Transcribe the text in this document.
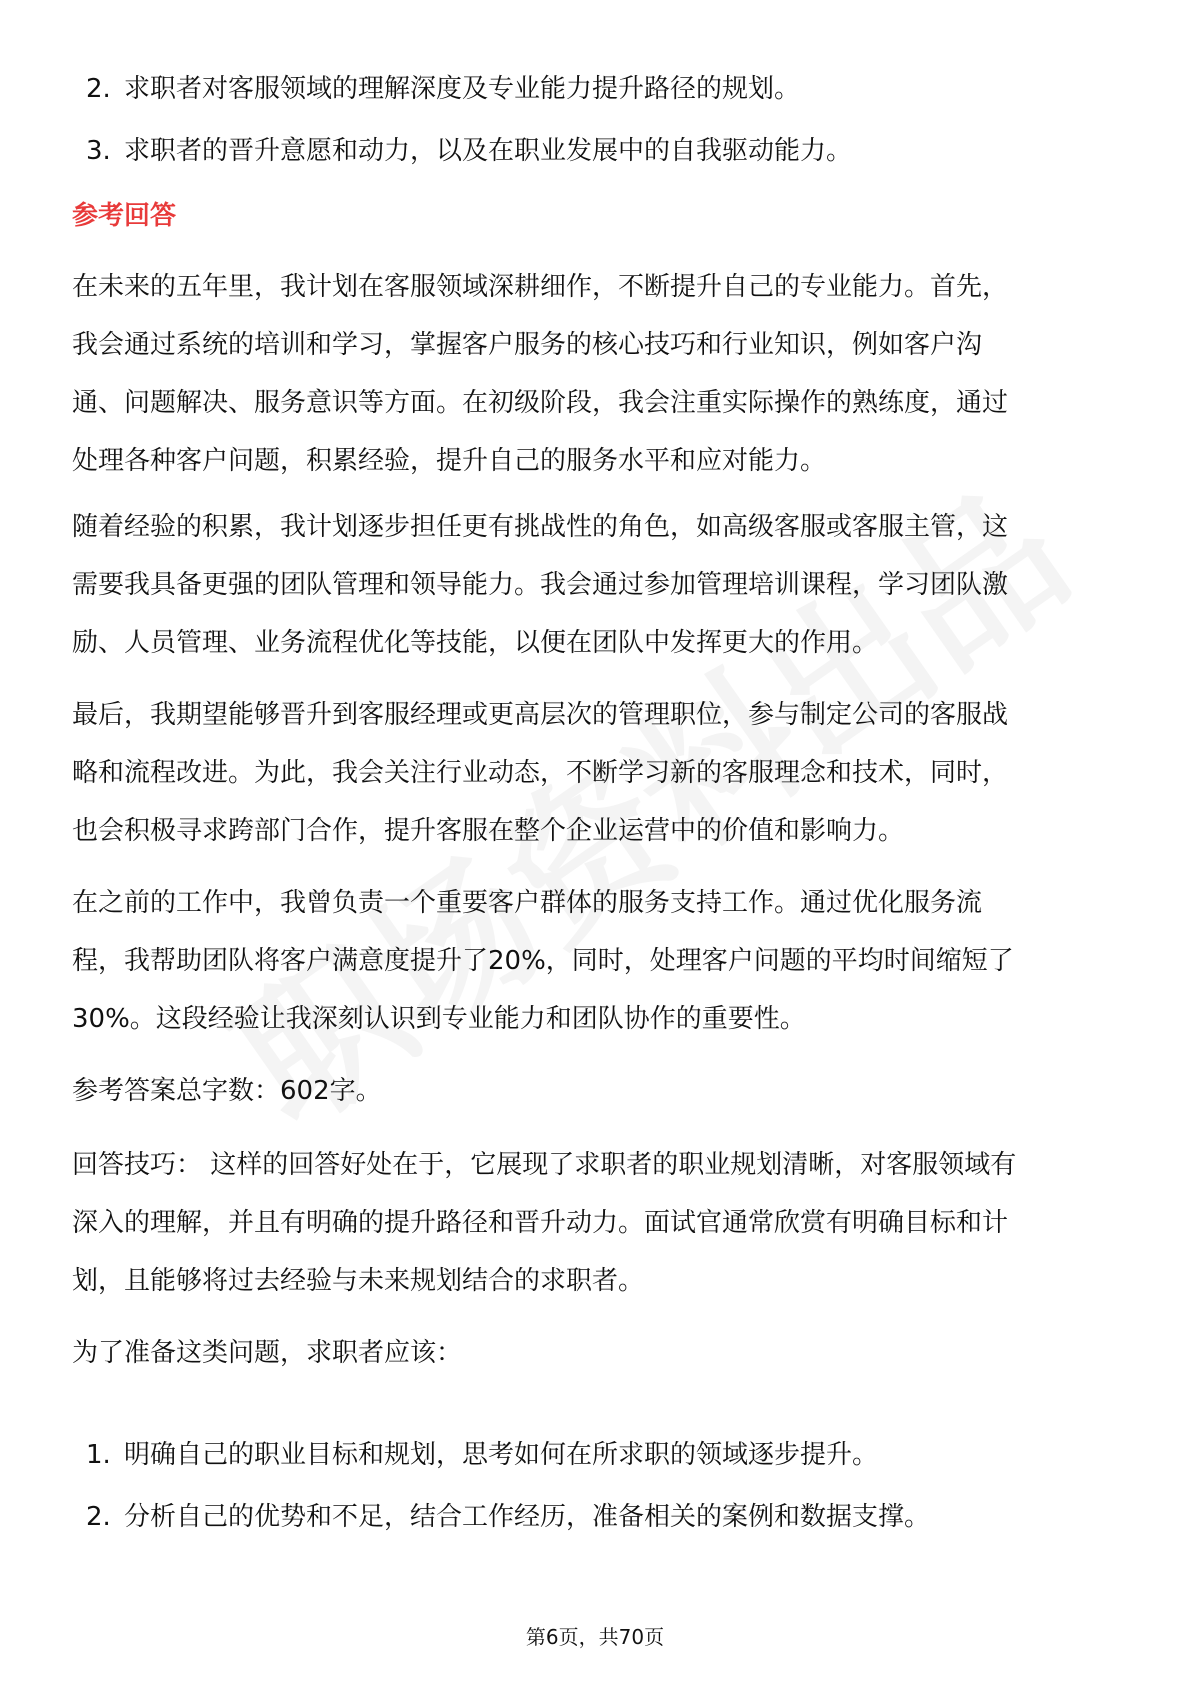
2. 求职者对客服领域的理解深度及专业能力提升路径的规划。
3. 求职者的晋升意愿和动力，以及在职业发展中的自我驱动能力。
参考回答

在未来的五年里，我计划在客服领域深耕细作，不断提升自己的专业能力。首先，
我会通过系统的培训和学习，掌握客户服务的核心技巧和行业知识，例如客户沟
通、问题解决、服务意识等方面。在初级阶段，我会注重实际操作的熟练度，通过
处理各种客户问题，积累经验，提升自己的服务水平和应对能力。

随着经验的积累，我计划逐步担任更有挑战性的角色，如高级客服或客服主管，这
需要我具备更强的团队管理和领导能力。我会通过参加管理培训课程，学习团队激
励、人员管理、业务流程优化等技能，以便在团队中发挥更大的作用。

最后，我期望能够晋升到客服经理或更高层次的管理职位，参与制定公司的客服战
略和流程改进。为此，我会关注行业动态，不断学习新的客服理念和技术，同时，
也会积极寻求跨部门合作，提升客服在整个企业运营中的价值和影响力。

在之前的工作中，我曾负责一个重要客户群体的服务支持工作。通过优化服务流
程，我帮助团队将客户满意度提升了20%，同时，处理客户问题的平均时间缩短了
30%。这段经验让我深刻认识到专业能力和团队协作的重要性。

参考答案总字数：602字。

回答技巧： 这样的回答好处在于，它展现了求职者的职业规划清晰，对客服领域有
深入的理解，并且有明确的提升路径和晋升动力。面试官通常欣赏有明确目标和计
划，且能够将过去经验与未来规划结合的求职者。

为了准备这类问题，求职者应该：

1. 明确自己的职业目标和规划，思考如何在所求职的领域逐步提升。
2. 分析自己的优势和不足，结合工作经历，准备相关的案例和数据支撑。
第6页，共70页
